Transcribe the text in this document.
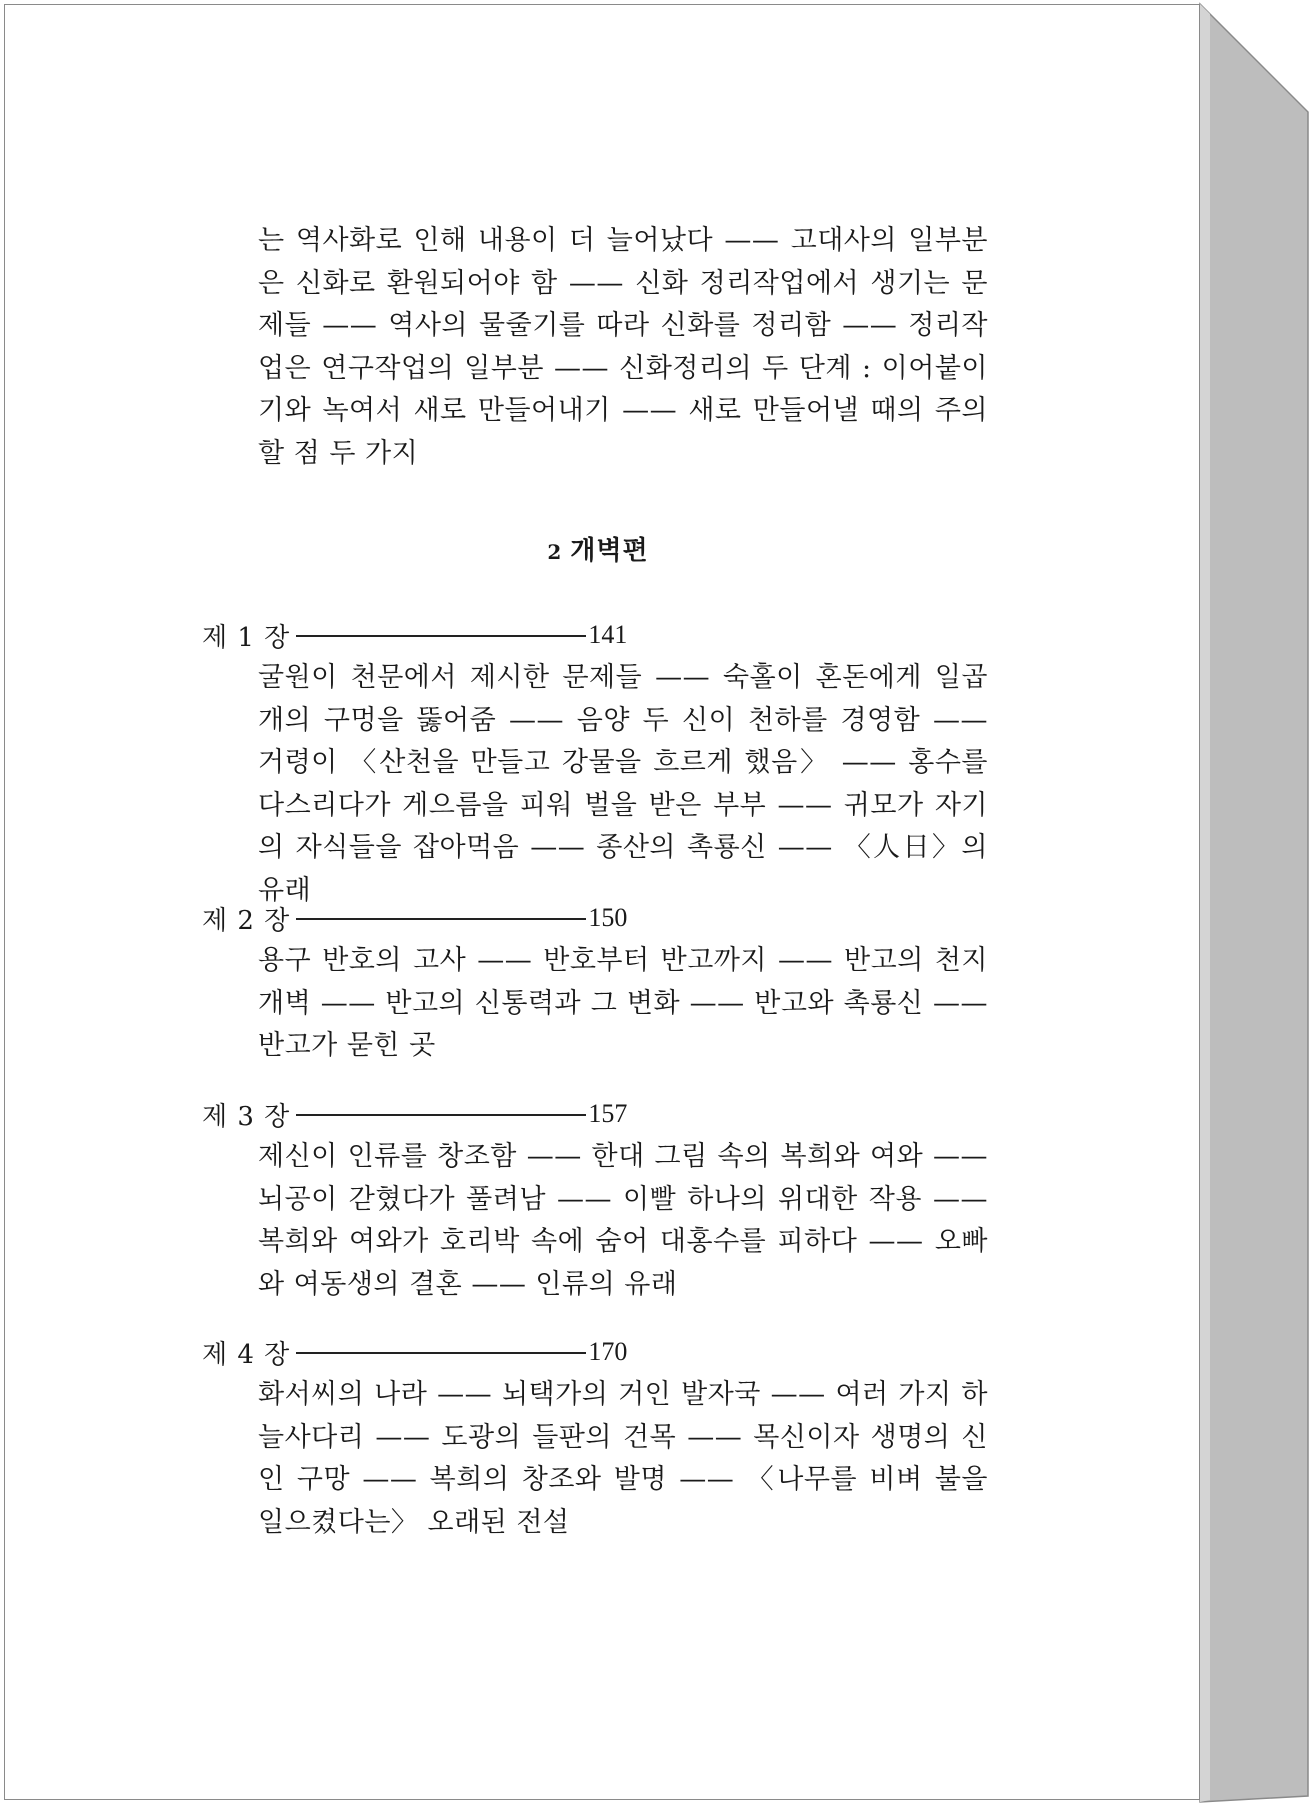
는 역사화로 인해 내용이 더 늘어났다 —— 고대사의 일부분은 신화로 환원되어야 함 —— 신화 정리작업에서 생기는 문제들 —— 역사의 물줄기를 따라 신화를 정리함 —— 정리작업은 연구작업의 일부분 —— 신화정리의 두 단계 : 이어붙이기와 녹여서 새로 만들어내기 —— 새로 만들어낼 때의 주의할 점 두 가지
2 개벽편
제 1 장	141
굴원이 천문에서 제시한 문제들 —— 숙홀이 혼돈에게 일곱 개의 구멍을 뚫어줌 —— 음양 두 신이 천하를 경영함 —— 거령이 〈산천을 만들고 강물을 흐르게 했음〉 —— 홍수를 다스리다가 게으름을 피워 벌을 받은 부부 —— 귀모가 자기의 자식들을 잡아먹음 —— 종산의 촉룡신 —— 〈人日〉의 유래
제 2 장	150
용구 반호의 고사 —— 반호부터 반고까지 —— 반고의 천지개벽 —— 반고의 신통력과 그 변화 —— 반고와 촉룡신 —— 반고가 묻힌 곳
제 3 장	157
제신이 인류를 창조함 —— 한대 그림 속의 복희와 여와 —— 뇌공이 갇혔다가 풀려남 —— 이빨 하나의 위대한 작용 —— 복희와 여와가 호리박 속에 숨어 대홍수를 피하다 —— 오빠와 여동생의 결혼 —— 인류의 유래
제 4 장	170
화서씨의 나라 —— 뇌택가의 거인 발자국 —— 여러 가지 하늘사다리 —— 도광의 들판의 건목 —— 목신이자 생명의 신인 구망 —— 복희의 창조와 발명 —— 〈나무를 비벼 불을 일으켰다는〉 오래된 전설
